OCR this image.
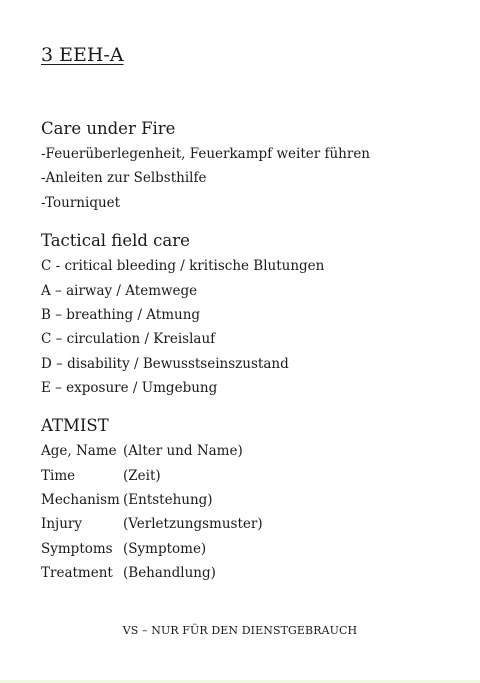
3 EEH-A
Care under Fire
-Feuerüberlegenheit, Feuerkampf weiter führen
-Anleiten zur Selbsthilfe
-Tourniquet
Tactical field care
C - critical bleeding / kritische Blutungen
A – airway / Atemwege
B – breathing / Atmung
C – circulation / Kreislauf
D – disability / Bewusstseinszustand
E – exposure / Umgebung
ATMIST
Age, Name (Alter und Name)
Time	(Zeit)
Mechanism (Entstehung)
Injury	(Verletzungsmuster)
Symptoms (Symptome)
Treatment (Behandlung)
VS – NUR FÜR DEN DIENSTGEBRAUCH
